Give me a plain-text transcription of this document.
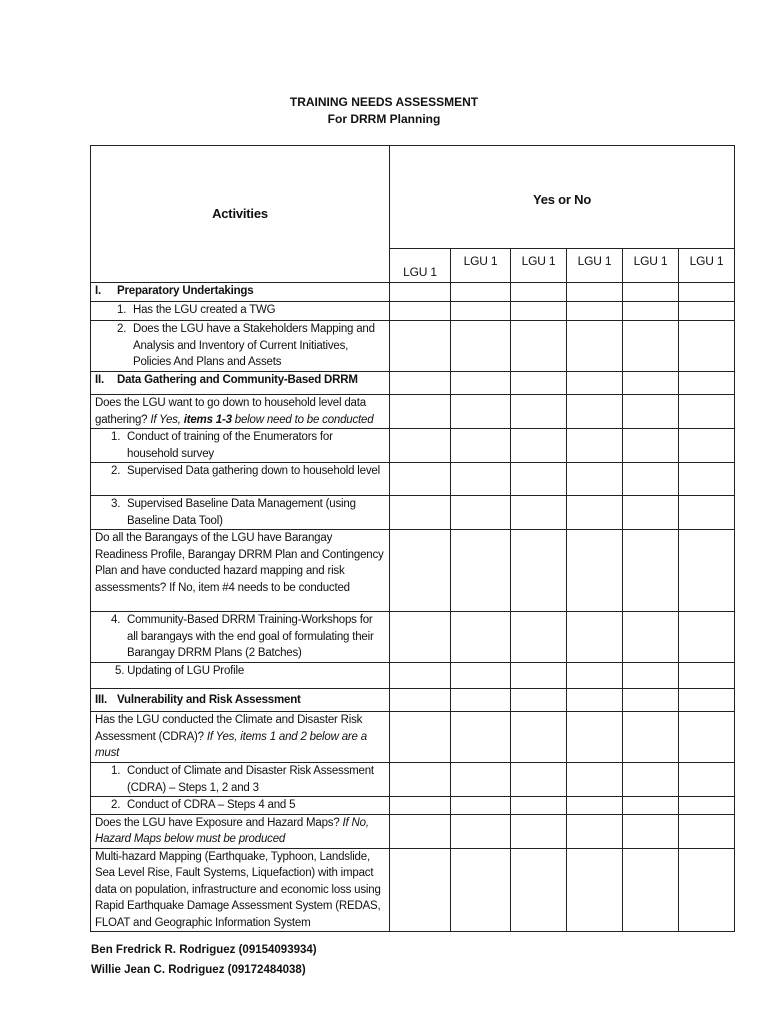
TRAINING NEEDS ASSESSMENT
For DRRM Planning
Activities	Yes or No					
	LGU 1	LGU 1	LGU 1	LGU 1	LGU 1	LGU 1
I. Preparatory Undertakings						
1. Has the LGU created a TWG						
2. Does the LGU have a Stakeholders Mapping and Analysis and Inventory of Current Initiatives, Policies And Plans and Assets						
II. Data Gathering and Community-Based DRRM						
Does the LGU want to go down to household level data gathering? If Yes, items 1-3 below need to be conducted						
1. Conduct of training of the Enumerators for household survey						
2. Supervised Data gathering down to household level						
3. Supervised Baseline Data Management (using Baseline Data Tool)						
Do all the Barangays of the LGU have Barangay Readiness Profile, Barangay DRRM Plan and Contingency Plan and have conducted hazard mapping and risk assessments? If No, item #4 needs to be conducted						
4. Community-Based DRRM Training-Workshops for all barangays with the end goal of formulating their Barangay DRRM Plans (2 Batches)						
5. Updating of LGU Profile						
III. Vulnerability and Risk Assessment						
Has the LGU conducted the Climate and Disaster Risk Assessment (CDRA)? If Yes, items 1 and 2 below are a must						
1. Conduct of Climate and Disaster Risk Assessment (CDRA) – Steps 1, 2 and 3						
2. Conduct of CDRA – Steps 4 and 5						
Does the LGU have Exposure and Hazard Maps? If No, Hazard Maps below must be produced						
Multi-hazard Mapping (Earthquake, Typhoon, Landslide, Sea Level Rise, Fault Systems, Liquefaction) with impact data on population, infrastructure and economic loss using Rapid Earthquake Damage Assessment System (REDAS, FLOAT and Geographic Information System						
Ben Fredrick R. Rodriguez (09154093934)
Willie Jean C. Rodriguez (09172484038)
